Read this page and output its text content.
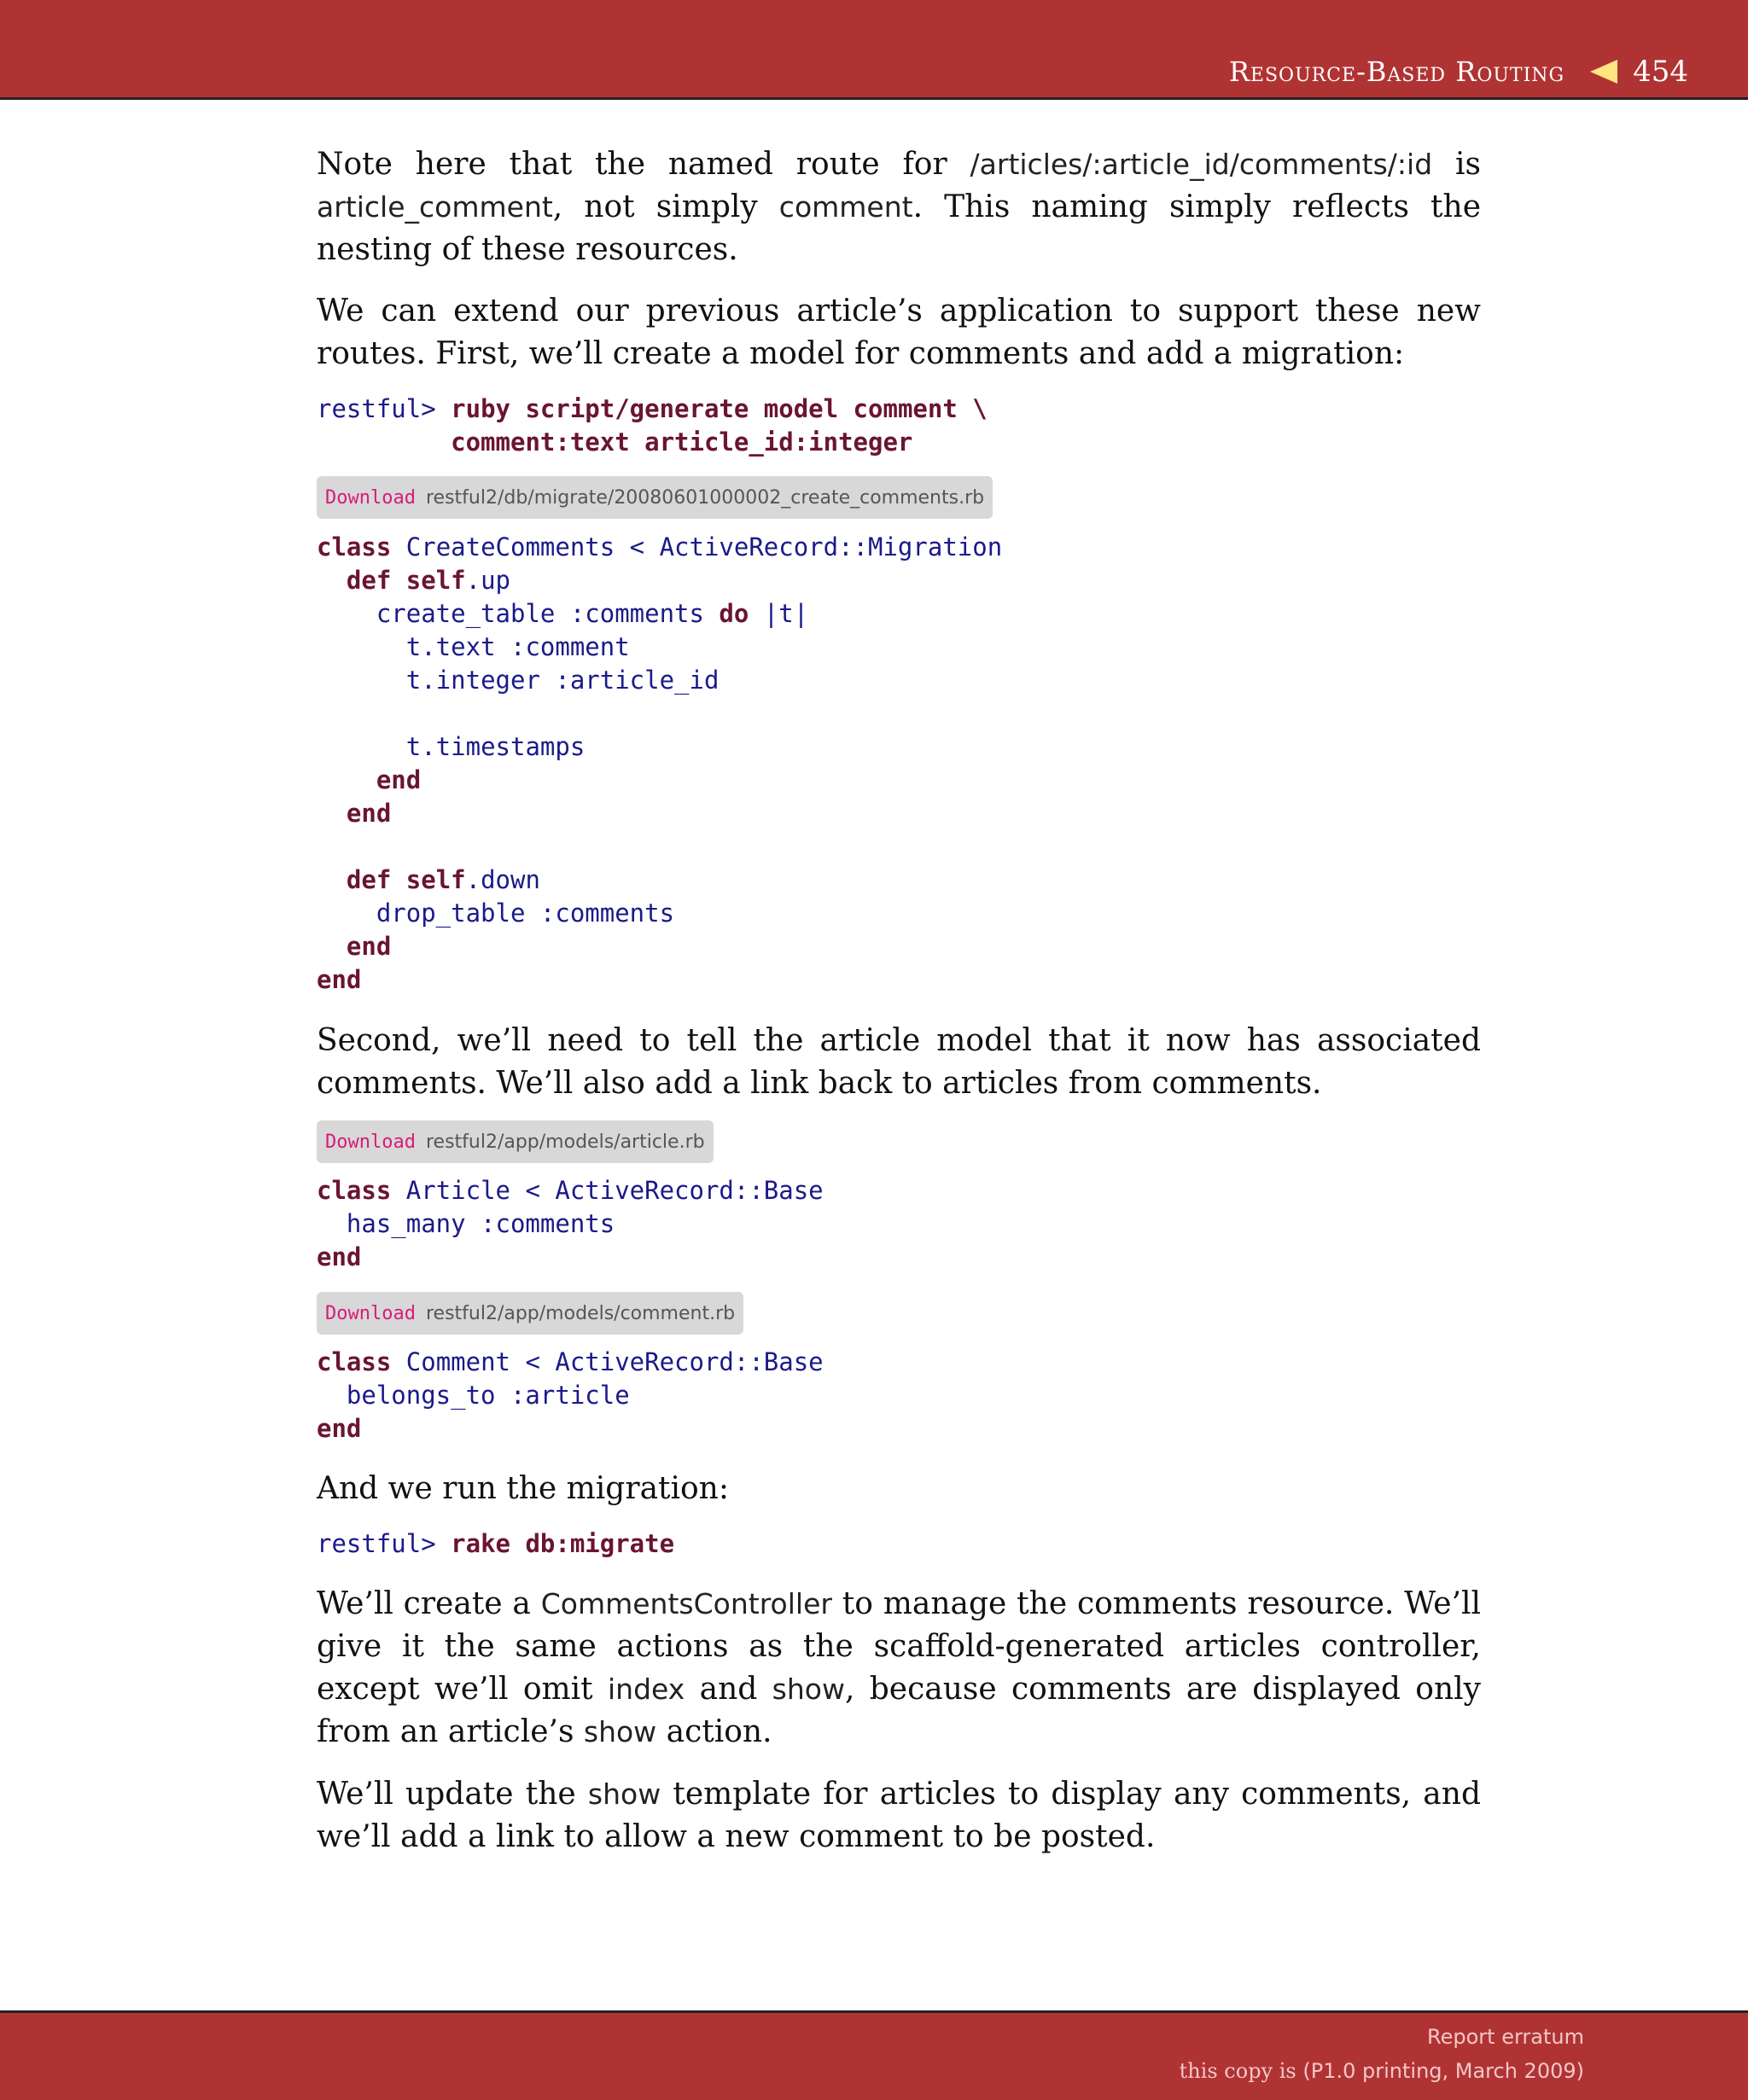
Resource-Based Routing 454

Note here that the named route for /articles/:article_id/comments/:id is article_comment, not simply comment. This naming simply reflects the nesting of these resources.

We can extend our previous article’s application to support these new routes. First, we’ll create a model for comments and add a migration:

restful> ruby script/generate model comment \
comment:text article_id:integer
Download restful2/db/migrate/20080601000002_create_comments.rb
class CreateComments < ActiveRecord::Migration
def self.up
create_table :comments do |t|
t.text :comment
t.integer :article_id

t.timestamps
end
end

def self.down
drop_table :comments
end
end

Second, we’ll need to tell the article model that it now has associated comments. We’ll also add a link back to articles from comments.

Download restful2/app/models/article.rb
class Article < ActiveRecord::Base
has_many :comments
end
Download restful2/app/models/comment.rb
class Comment < ActiveRecord::Base
belongs_to :article
end

And we run the migration:

restful> rake db:migrate

We’ll create a CommentsController to manage the comments resource. We’ll give it the same actions as the scaffold-generated articles controller, except we’ll omit index and show, because comments are displayed only from an article’s show action.

We’ll update the show template for articles to display any comments, and we’ll add a link to allow a new comment to be posted.

Report erratum
this copy is (P1.0 printing, March 2009)
